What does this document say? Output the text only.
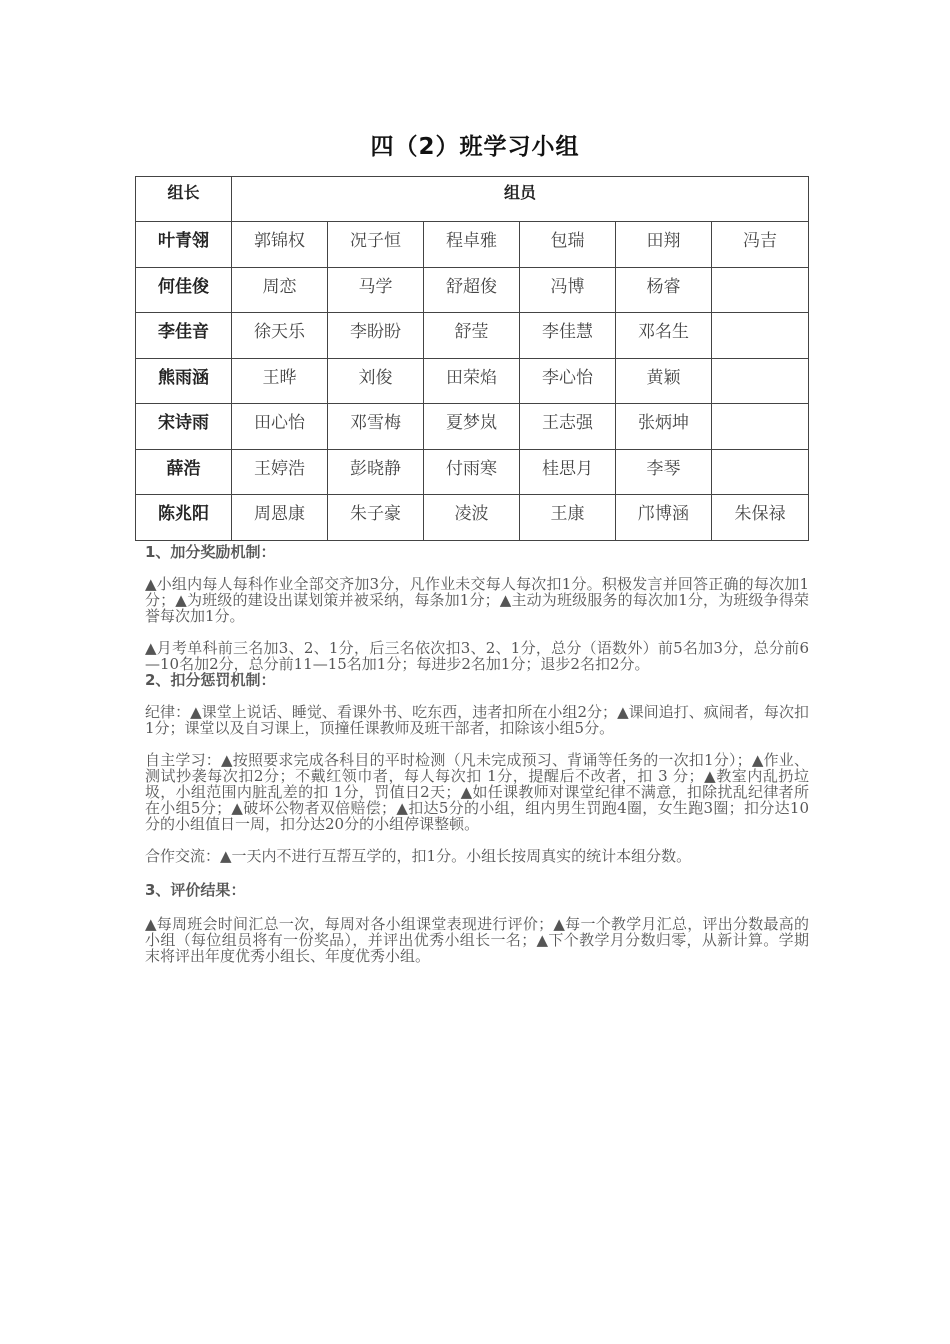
四（2）班学习小组
组长	组员					
叶青翎	郭锦权	况子恒	程卓雅	包瑞	田翔	冯吉
何佳俊	周恋	马学	舒超俊	冯博	杨睿	
李佳音	徐天乐	李盼盼	舒莹	李佳慧	邓名生	
熊雨涵	王晔	刘俊	田荣焰	李心怡	黄颖	
宋诗雨	田心怡	邓雪梅	夏梦岚	王志强	张炳坤	
薛浩	王婷浩	彭晓静	付雨寒	桂思月	李琴	
陈兆阳	周恩康	朱子豪	凌波	王康	邝博涵	朱保禄
1、加分奖励机制：

▲小组内每人每科作业全部交齐加3分，凡作业未交每人每次扣1分。积极发言并回答正确的每次加1分；▲为班级的建设出谋划策并被采纳，每条加1分；▲主动为班级服务的每次加1分，为班级争得荣誉每次加1分。

▲月考单科前三名加3、2、1分，后三名依次扣3、2、1分，总分（语数外）前5名加3分，总分前6—10名加2分，总分前11—15名加1分；每进步2名加1分；退步2名扣2分。

2、扣分惩罚机制：

纪律：▲课堂上说话、睡觉、看课外书、吃东西，违者扣所在小组2分；▲课间追打、疯闹者，每次扣1分；课堂以及自习课上，顶撞任课教师及班干部者，扣除该小组5分。

自主学习：▲按照要求完成各科目的平时检测（凡未完成预习、背诵等任务的一次扣1分）；▲作业、测试抄袭每次扣2分；不戴红领巾者，每人每次扣 1分，提醒后不改者，扣 3 分；▲教室内乱扔垃圾，小组范围内脏乱差的扣 1分，罚值日2天；▲如任课教师对课堂纪律不满意，扣除扰乱纪律者所在小组5分；▲破坏公物者双倍赔偿；▲扣达5分的小组，组内男生罚跑4圈，女生跑3圈；扣分达10分的小组值日一周，扣分达20分的小组停课整顿。

合作交流：▲一天内不进行互帮互学的，扣1分。小组长按周真实的统计本组分数。

3、评价结果：

▲每周班会时间汇总一次，每周对各小组课堂表现进行评价；▲每一个教学月汇总，评出分数最高的小组（每位组员将有一份奖品），并评出优秀小组长一名；▲下个教学月分数归零，从新计算。学期末将评出年度优秀小组长、年度优秀小组。
